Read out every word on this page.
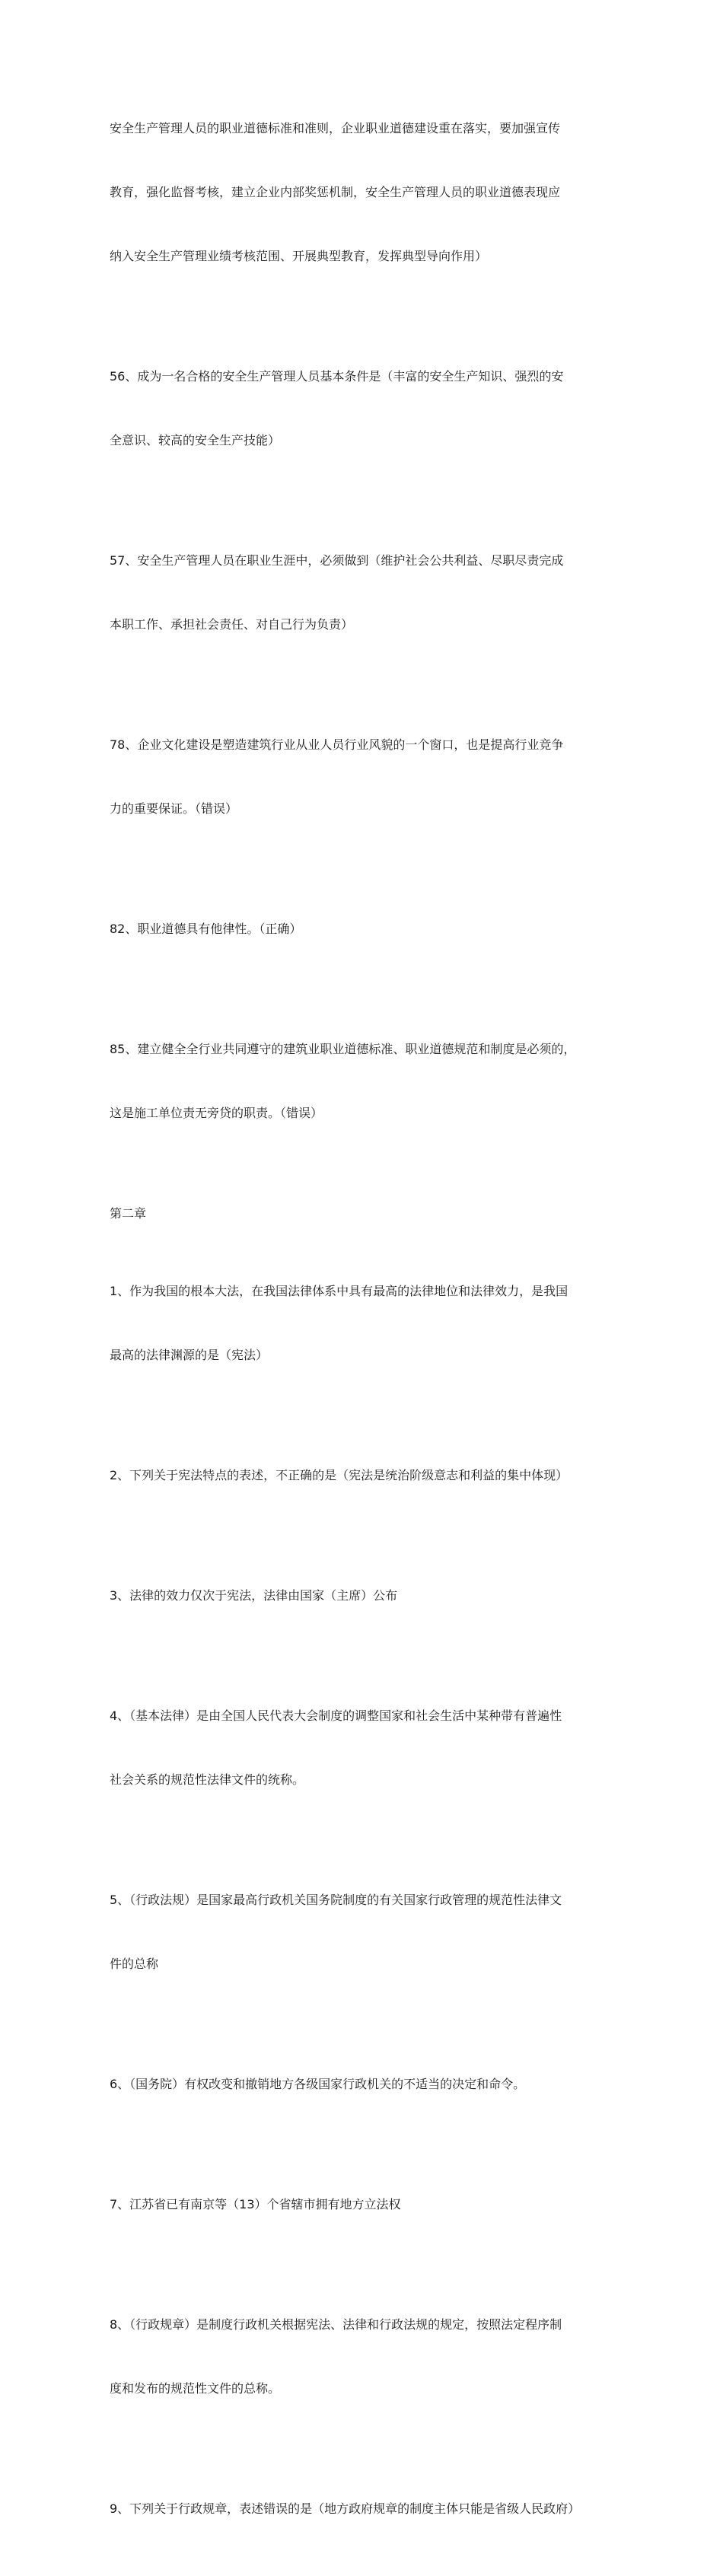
安全生产管理人员的职业道德标准和准则，企业职业道德建设重在落实，要加强宣传

教育，强化监督考核，建立企业内部奖惩机制，安全生产管理人员的职业道德表现应

纳入安全生产管理业绩考核范围、开展典型教育，发挥典型导向作用）

56、成为一名合格的安全生产管理人员基本条件是（丰富的安全生产知识、强烈的安

全意识、较高的安全生产技能）

57、安全生产管理人员在职业生涯中，必须做到（维护社会公共利益、尽职尽责完成

本职工作、承担社会责任、对自己行为负责）

78、企业文化建设是塑造建筑行业从业人员行业风貌的一个窗口，也是提高行业竞争

力的重要保证。（错误）

82、职业道德具有他律性。（正确）

85、建立健全全行业共同遵守的建筑业职业道德标准、职业道德规范和制度是必须的，

这是施工单位责无旁贷的职责。（错误）

第二章

1、作为我国的根本大法，在我国法律体系中具有最高的法律地位和法律效力，是我国

最高的法律渊源的是（宪法）

2、下列关于宪法特点的表述，不正确的是（宪法是统治阶级意志和利益的集中体现）

3、法律的效力仅次于宪法，法律由国家（主席）公布

4、（基本法律）是由全国人民代表大会制度的调整国家和社会生活中某种带有普遍性

社会关系的规范性法律文件的统称。

5、（行政法规）是国家最高行政机关国务院制度的有关国家行政管理的规范性法律文

件的总称

6、（国务院）有权改变和撤销地方各级国家行政机关的不适当的决定和命令。

7、江苏省已有南京等（13）个省辖市拥有地方立法权

8、（行政规章）是制度行政机关根据宪法、法律和行政法规的规定，按照法定程序制

度和发布的规范性文件的总称。

9、下列关于行政规章，表述错误的是（地方政府规章的制度主体只能是省级人民政府）
